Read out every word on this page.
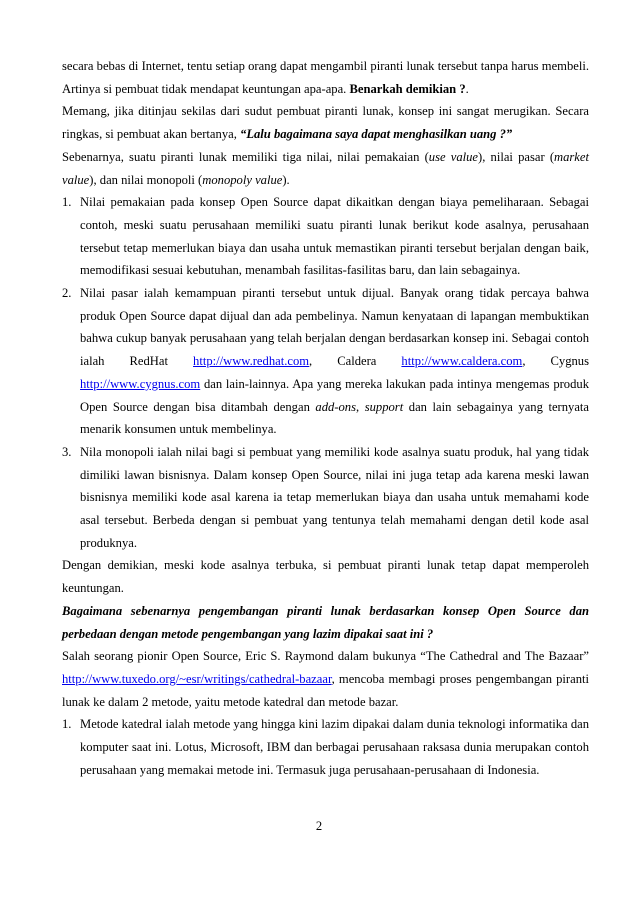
secara bebas di Internet, tentu setiap orang dapat mengambil piranti lunak tersebut tanpa harus membeli. Artinya si pembuat tidak mendapat keuntungan apa-apa. Benarkah demikian ?.

Memang, jika ditinjau sekilas dari sudut pembuat piranti lunak, konsep ini sangat merugikan. Secara ringkas, si pembuat akan bertanya, “Lalu bagaimana saya dapat menghasilkan uang ?”

Sebenarnya, suatu piranti lunak memiliki tiga nilai, nilai pemakaian (use value), nilai pasar (market value), dan nilai monopoli (monopoly value).

1. Nilai pemakaian pada konsep Open Source dapat dikaitkan dengan biaya pemeliharaan. Sebagai contoh, meski suatu perusahaan memiliki suatu piranti lunak berikut kode asalnya, perusahaan tersebut tetap memerlukan biaya dan usaha untuk memastikan piranti tersebut berjalan dengan baik, memodifikasi sesuai kebutuhan, menambah fasilitas-fasilitas baru, dan lain sebagainya.
2. Nilai pasar ialah kemampuan piranti tersebut untuk dijual. Banyak orang tidak percaya bahwa produk Open Source dapat dijual dan ada pembelinya. Namun kenyataan di lapangan membuktikan bahwa cukup banyak perusahaan yang telah berjalan dengan berdasarkan konsep ini. Sebagai contoh ialah RedHat http://www.redhat.com, Caldera http://www.caldera.com, Cygnus http://www.cygnus.com dan lain-lainnya. Apa yang mereka lakukan pada intinya mengemas produk Open Source dengan bisa ditambah dengan add-ons, support dan lain sebagainya yang ternyata menarik konsumen untuk membelinya.
3. Nila monopoli ialah nilai bagi si pembuat yang memiliki kode asalnya suatu produk, hal yang tidak dimiliki lawan bisnisnya. Dalam konsep Open Source, nilai ini juga tetap ada karena meski lawan bisnisnya memiliki kode asal karena ia tetap memerlukan biaya dan usaha untuk memahami kode asal tersebut. Berbeda dengan si pembuat yang tentunya telah memahami dengan detil kode asal produknya.

Dengan demikian, meski kode asalnya terbuka, si pembuat piranti lunak tetap dapat memperoleh keuntungan.

Bagaimana sebenarnya pengembangan piranti lunak berdasarkan konsep Open Source dan perbedaan dengan metode pengembangan yang lazim dipakai saat ini ?

Salah seorang pionir Open Source, Eric S. Raymond dalam bukunya “The Cathedral and The Bazaar” http://www.tuxedo.org/~esr/writings/cathedral-bazaar, mencoba membagi proses pengembangan piranti lunak ke dalam 2 metode, yaitu metode katedral dan metode bazar.

1. Metode katedral ialah metode yang hingga kini lazim dipakai dalam dunia teknologi informatika dan komputer saat ini. Lotus, Microsoft, IBM dan berbagai perusahaan raksasa dunia merupakan contoh perusahaan yang memakai metode ini. Termasuk juga perusahaan-perusahaan di Indonesia.
2
